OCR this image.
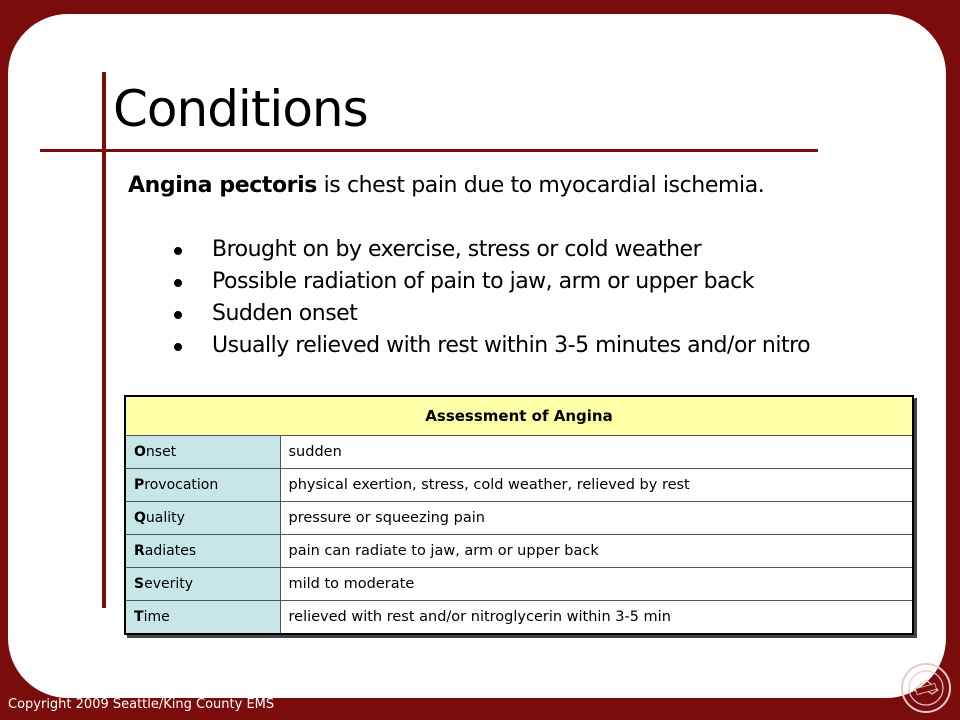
Conditions

Angina pectoris is chest pain due to myocardial ischemia.

Brought on by exercise, stress or cold weather
Possible radiation of pain to jaw, arm or upper back
Sudden onset
Usually relieved with rest within 3-5 minutes and/or nitro
Assessment of Angina	
Onset	sudden
Provocation	physical exertion, stress, cold weather, relieved by rest
Quality	pressure or squeezing pain
Radiates	pain can radiate to jaw, arm or upper back
Severity	mild to moderate
Time	relieved with rest and/or nitroglycerin within 3-5 min

Copyright 2009 Seattle/King County EMS
